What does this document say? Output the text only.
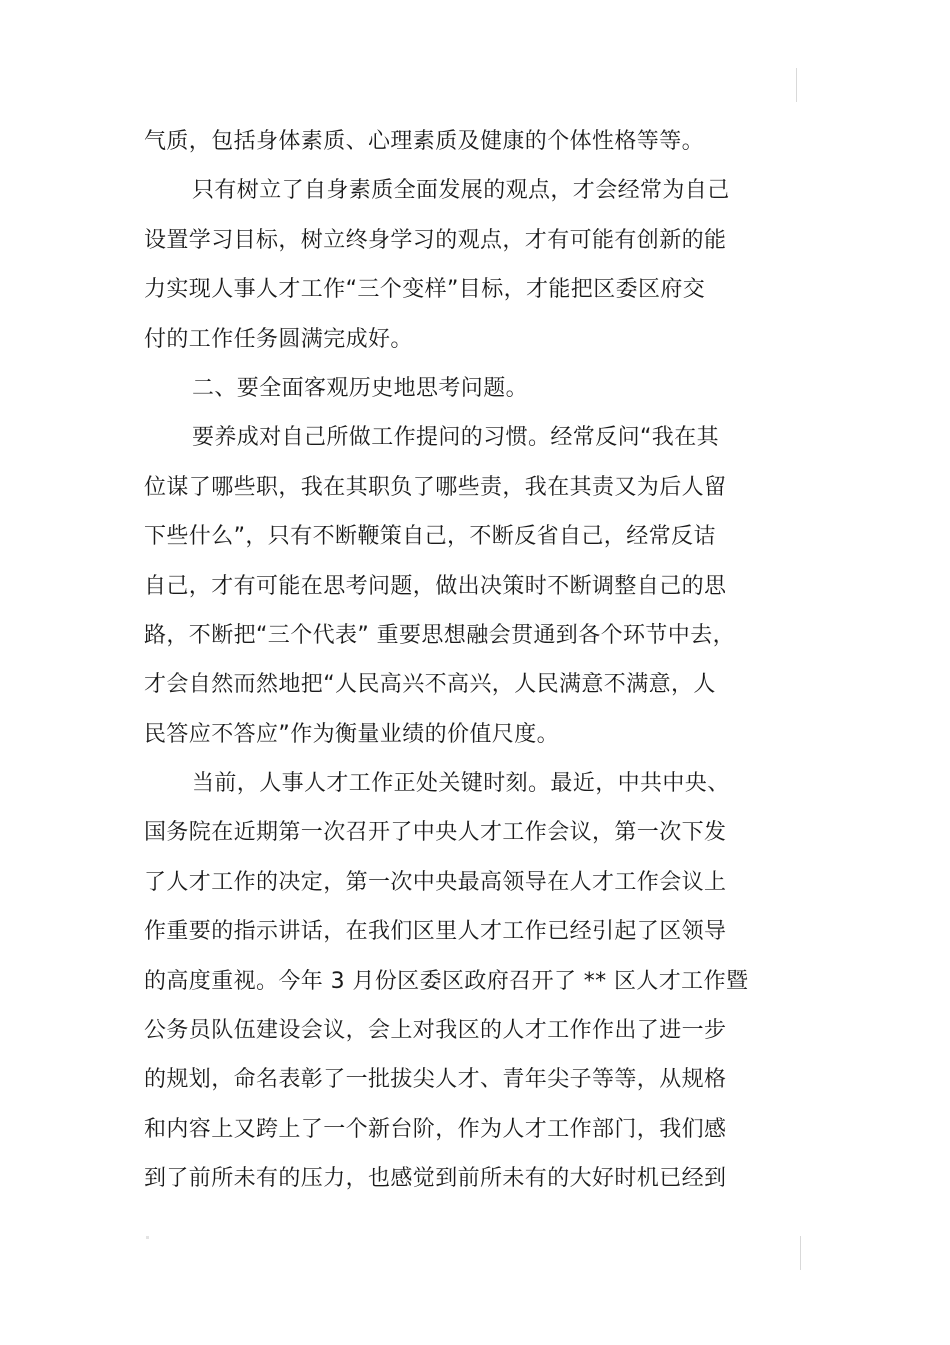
气质，包括身体素质、心理素质及健康的个体性格等等。
只有树立了自身素质全面发展的观点，才会经常为自己
设置学习目标，树立终身学习的观点，才有可能有创新的能
力实现人事人才工作“三个变样”目标，才能把区委区府交
付的工作任务圆满完成好。
二、要全面客观历史地思考问题。
要养成对自己所做工作提问的习惯。经常反问“我在其
位谋了哪些职，我在其职负了哪些责，我在其责又为后人留
下些什么”，只有不断鞭策自己，不断反省自己，经常反诘
自己，才有可能在思考问题，做出决策时不断调整自己的思
路，不断把“三个代表” 重要思想融会贯通到各个环节中去，
才会自然而然地把“人民高兴不高兴，人民满意不满意，人
民答应不答应”作为衡量业绩的价值尺度。
当前，人事人才工作正处关键时刻。最近，中共中央、
国务院在近期第一次召开了中央人才工作会议，第一次下发
了人才工作的决定，第一次中央最高领导在人才工作会议上
作重要的指示讲话，在我们区里人才工作已经引起了区领导
的高度重视。今年 3 月份区委区政府召开了 ** 区人才工作暨
公务员队伍建设会议，会上对我区的人才工作作出了进一步
的规划，命名表彰了一批拔尖人才、青年尖子等等，从规格
和内容上又跨上了一个新台阶，作为人才工作部门，我们感
到了前所未有的压力，也感觉到前所未有的大好时机已经到
